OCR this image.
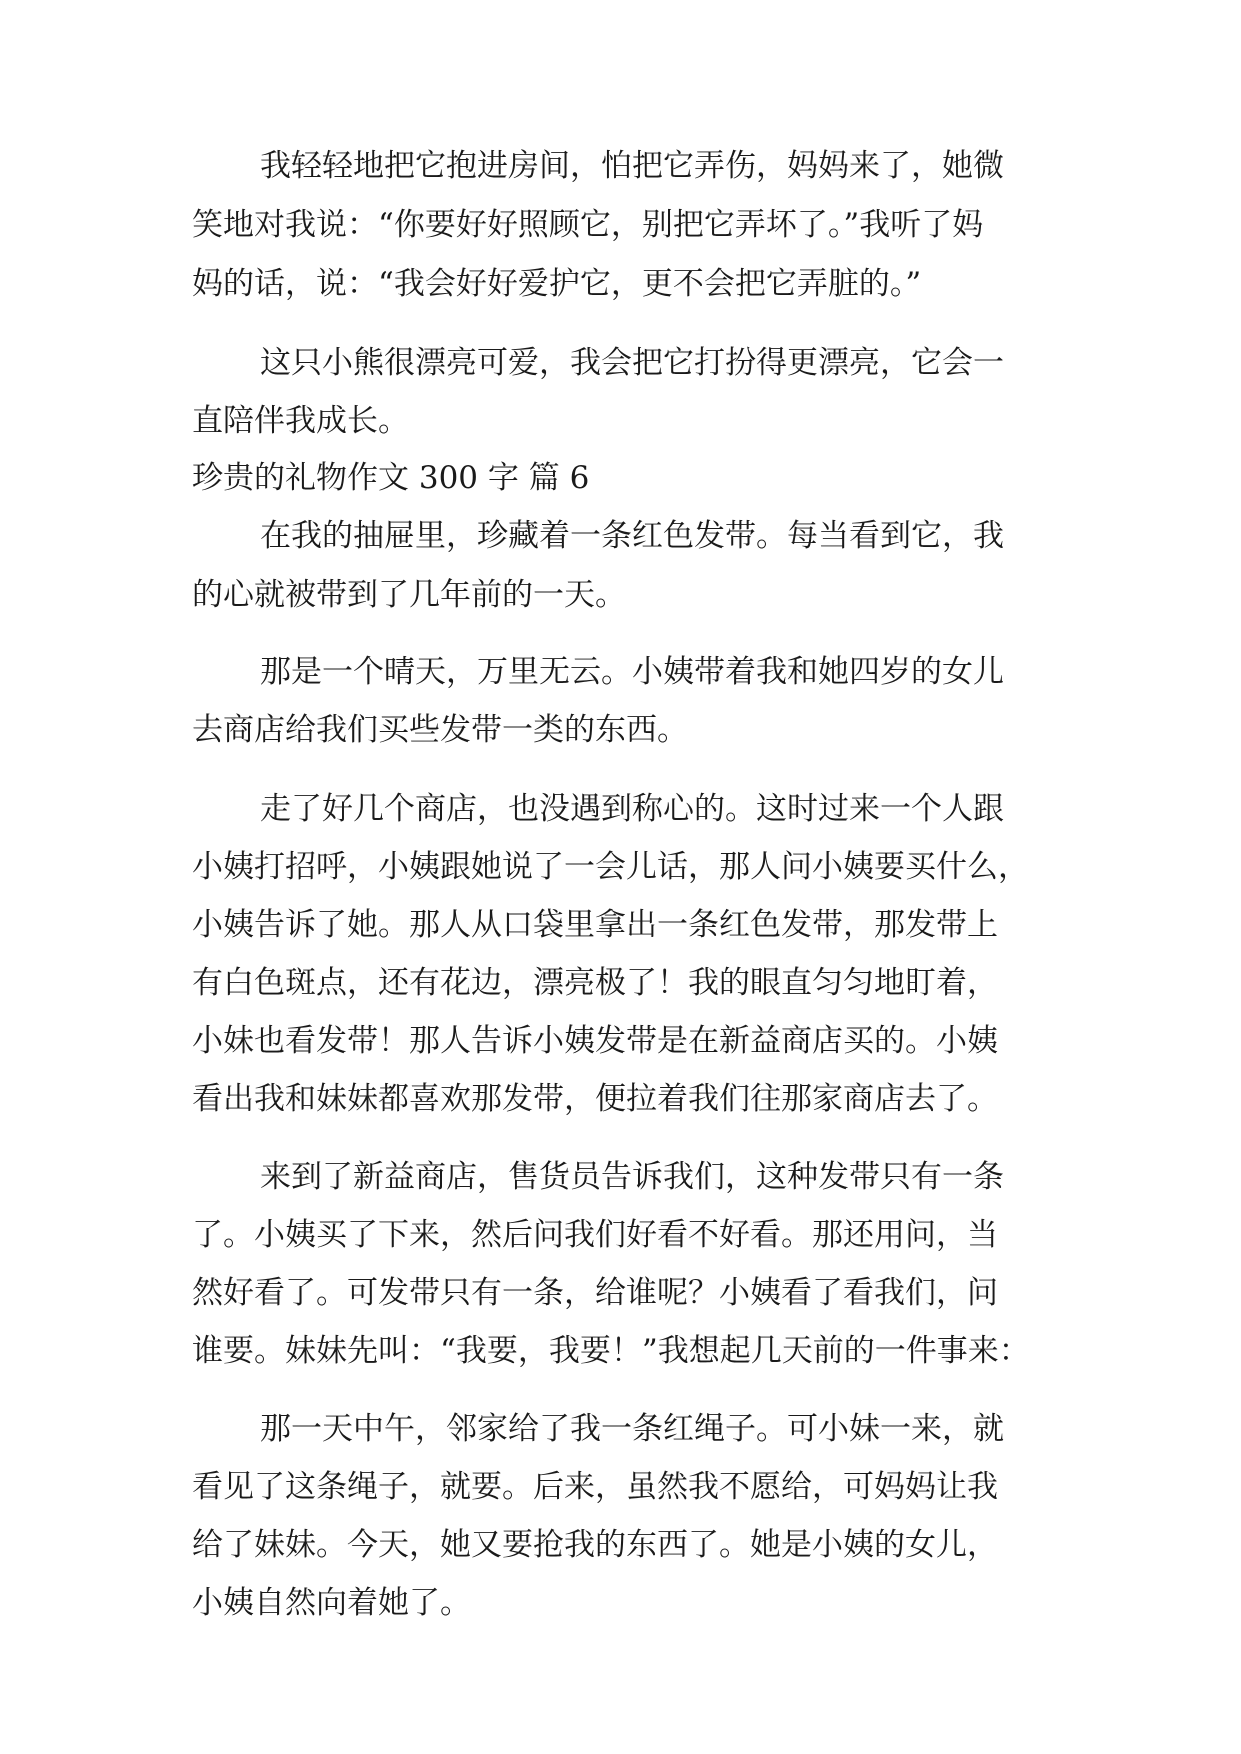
我轻轻地把它抱进房间，怕把它弄伤，妈妈来了，她微
笑地对我说：“你要好好照顾它，别把它弄坏了。”我听了妈
妈的话，说：“我会好好爱护它，更不会把它弄脏的。”
这只小熊很漂亮可爱，我会把它打扮得更漂亮，它会一
直陪伴我成长。
珍贵的礼物作文 300 字 篇 6
在我的抽屉里，珍藏着一条红色发带。每当看到它，我
的心就被带到了几年前的一天。
那是一个晴天，万里无云。小姨带着我和她四岁的女儿
去商店给我们买些发带一类的东西。
走了好几个商店，也没遇到称心的。这时过来一个人跟
小姨打招呼，小姨跟她说了一会儿话，那人问小姨要买什么，
小姨告诉了她。那人从口袋里拿出一条红色发带，那发带上
有白色斑点，还有花边，漂亮极了！我的眼直匀匀地盯着，
小妹也看发带！那人告诉小姨发带是在新益商店买的。小姨
看出我和妹妹都喜欢那发带，便拉着我们往那家商店去了。
来到了新益商店，售货员告诉我们，这种发带只有一条
了。小姨买了下来，然后问我们好看不好看。那还用问，当
然好看了。可发带只有一条，给谁呢？小姨看了看我们，问
谁要。妹妹先叫：“我要，我要！”我想起几天前的一件事来：
那一天中午，邻家给了我一条红绳子。可小妹一来，就
看见了这条绳子，就要。后来，虽然我不愿给，可妈妈让我
给了妹妹。今天，她又要抢我的东西了。她是小姨的女儿，
小姨自然向着她了。
